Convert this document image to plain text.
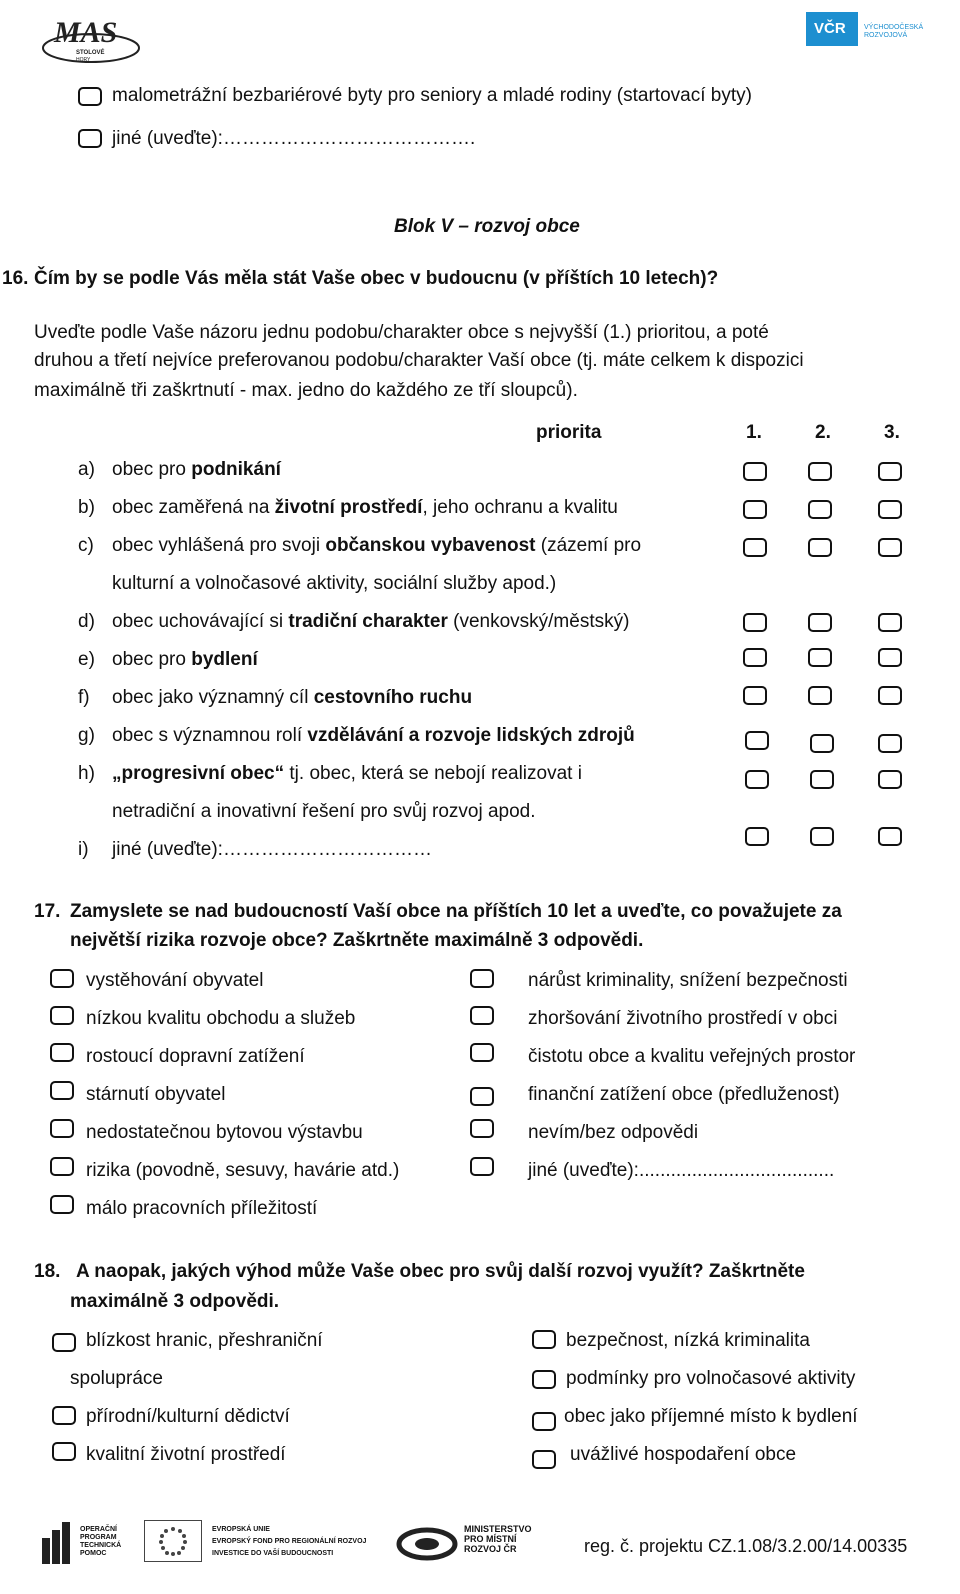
MAS
STOLOVÉ
HORY
VČR	VÝCHODOČESKÁ ROZVOJOVÁ
malometrážní bezbariérové byty pro seniory a mladé rodiny (startovací byty)
jiné (uveďte):………………………………….
Blok V – rozvoj obce
16. Čím by se podle Vás měla stát Vaše obec v budoucnu (v příštích 10 letech)?
Uveďte podle Vaše názoru jednu podobu/charakter obce s nejvyšší (1.) prioritou, a poté
druhou a třetí nejvíce preferovanou podobu/charakter Vaší obce (tj. máte celkem k dispozici
maximálně tři zaškrtnutí - max. jedno do každého ze tří sloupců).
priorita	1.	2.	3.
a) obec pro podnikání
b) obec zaměřená na životní prostředí, jeho ochranu a kvalitu
c) obec vyhlášená pro svoji občanskou vybavenost (zázemí pro
kulturní a volnočasové aktivity, sociální služby apod.)
d) obec uchovávající si tradiční charakter (venkovský/městský)
e) obec pro bydlení
f) obec jako významný cíl cestovního ruchu
g) obec s významnou rolí vzdělávání a rozvoje lidských zdrojů
h) „progresivní obec“ tj. obec, která se nebojí realizovat i
netradiční a inovativní řešení pro svůj rozvoj apod.
i) jiné (uveďte):……………………………
17. Zamyslete se nad budoucností Vaší obce na příštích 10 let a uveďte, co považujete za
největší rizika rozvoje obce? Zaškrtněte maximálně 3 odpovědi.
vystěhování obyvatel
nízkou kvalitu obchodu a služeb
rostoucí dopravní zatížení
stárnutí obyvatel
nedostatečnou bytovou výstavbu
rizika (povodně, sesuvy, havárie atd.)
málo pracovních příležitostí
nárůst kriminality, snížení bezpečnosti
zhoršování životního prostředí v obci
čistotu obce a kvalitu veřejných prostor
finanční zatížení obce (předluženost)
nevím/bez odpovědi
jiné (uveďte):.....................................
18. A naopak, jakých výhod může Vaše obec pro svůj další rozvoj využít? Zaškrtněte
maximálně 3 odpovědi.
blízkost hranic, přeshraniční
spolupráce
přírodní/kulturní dědictví
kvalitní životní prostředí
bezpečnost, nízká kriminalita
podmínky pro volnočasové aktivity
obec jako příjemné místo k bydlení
uvážlivé hospodaření obce
OPERAČNÍ PROGRAM TECHNICKÁ POMOC
EVROPSKÁ UNIE
EVROPSKÝ FOND PRO REGIONÁLNÍ ROZVOJ
INVESTICE DO VAŠÍ BUDOUCNOSTI
MINISTERSTVO PRO MÍSTNÍ ROZVOJ ČR	reg. č. projektu CZ.1.08/3.2.00/14.00335
